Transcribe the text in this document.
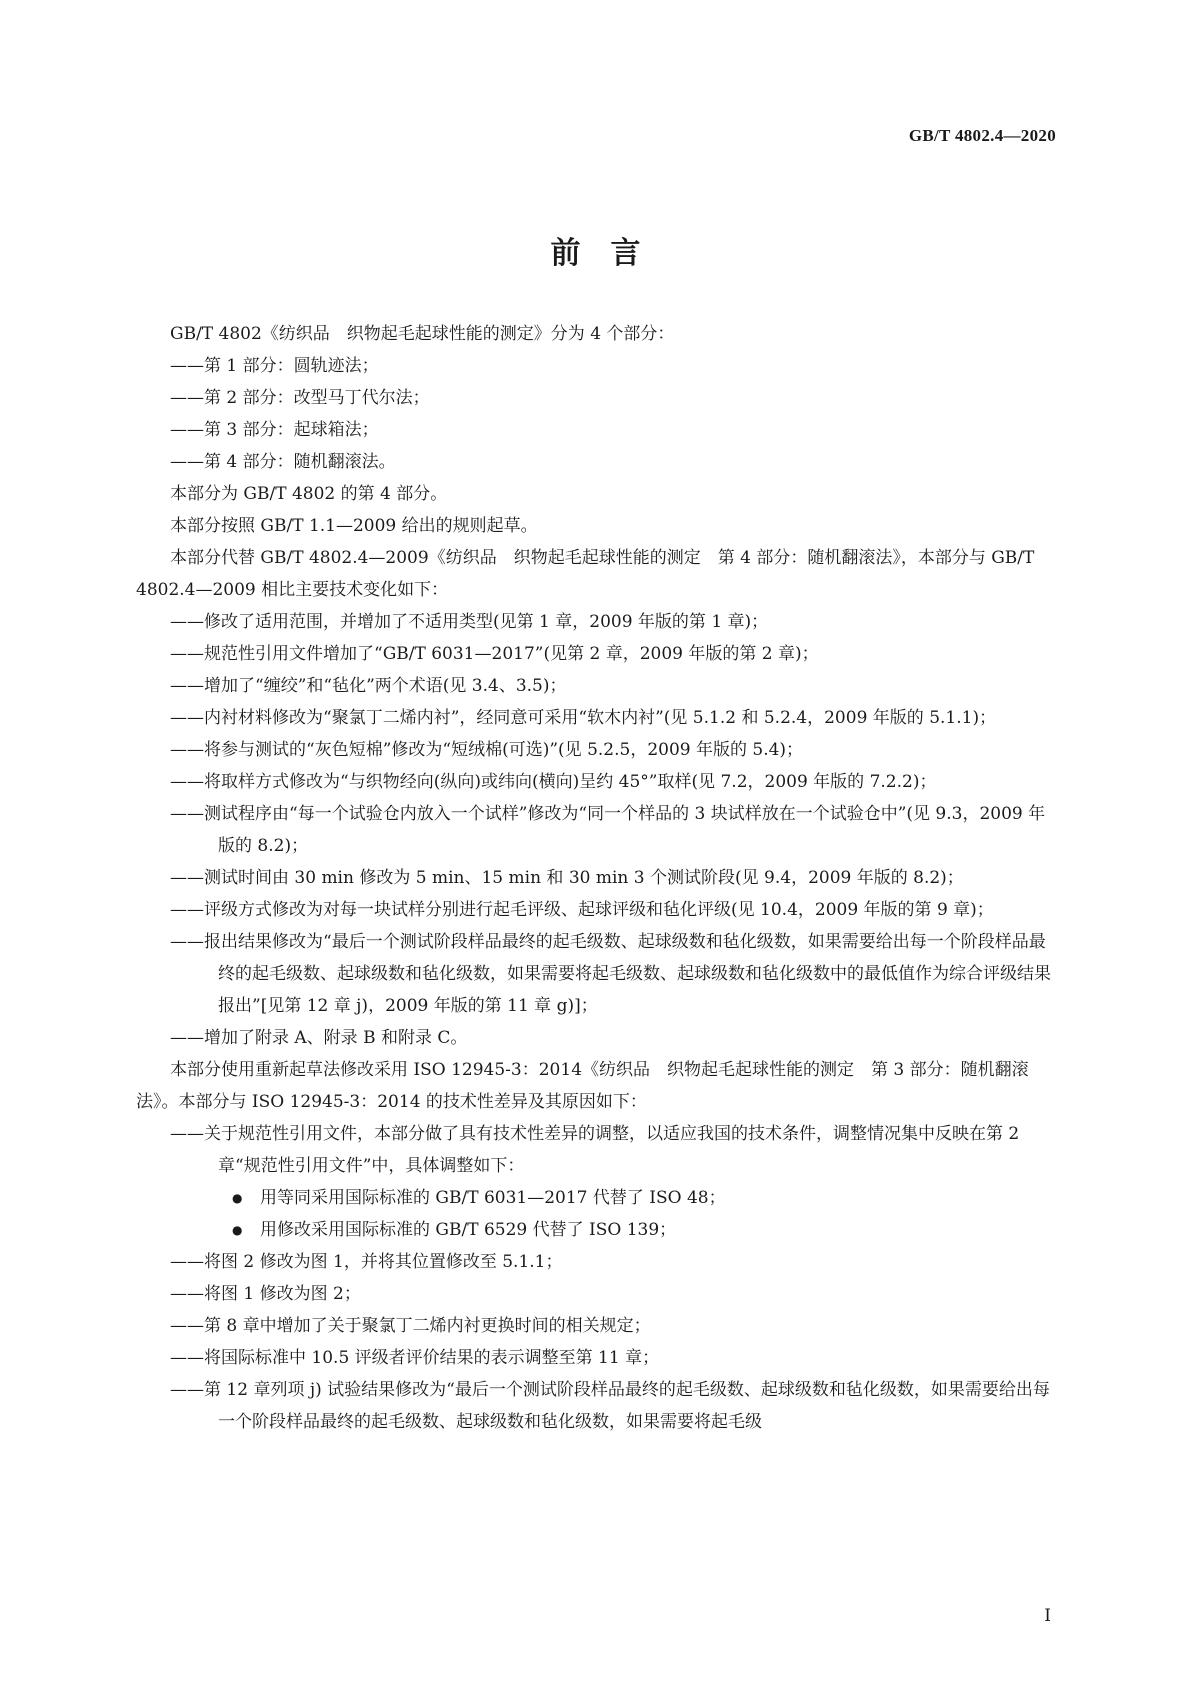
GB/T 4802.4—2020
前　言

GB/T 4802《纺织品　织物起毛起球性能的测定》分为 4 个部分：

——第 1 部分：圆轨迹法；

——第 2 部分：改型马丁代尔法；

——第 3 部分：起球箱法；

——第 4 部分：随机翻滚法。

本部分为 GB/T 4802 的第 4 部分。

本部分按照 GB/T 1.1—2009 给出的规则起草。

本部分代替 GB/T 4802.4—2009《纺织品　织物起毛起球性能的测定　第 4 部分：随机翻滚法》，本部分与 GB/T 4802.4—2009 相比主要技术变化如下：

——修改了适用范围，并增加了不适用类型(见第 1 章，2009 年版的第 1 章)；

——规范性引用文件增加了“GB/T 6031—2017”(见第 2 章，2009 年版的第 2 章)；

——增加了“缠绞”和“毡化”两个术语(见 3.4、3.5)；

——内衬材料修改为“聚氯丁二烯内衬”，经同意可采用“软木内衬”(见 5.1.2 和 5.2.4，2009 年版的 5.1.1)；

——将参与测试的“灰色短棉”修改为“短绒棉(可选)”(见 5.2.5，2009 年版的 5.4)；

——将取样方式修改为“与织物经向(纵向)或纬向(横向)呈约 45°”取样(见 7.2，2009 年版的 7.2.2)；

——测试程序由“每一个试验仓内放入一个试样”修改为“同一个样品的 3 块试样放在一个试验仓中”(见 9.3，2009 年版的 8.2)；

——测试时间由 30 min 修改为 5 min、15 min 和 30 min 3 个测试阶段(见 9.4，2009 年版的 8.2)；

——评级方式修改为对每一块试样分别进行起毛评级、起球评级和毡化评级(见 10.4，2009 年版的第 9 章)；

——报出结果修改为“最后一个测试阶段样品最终的起毛级数、起球级数和毡化级数，如果需要给出每一个阶段样品最终的起毛级数、起球级数和毡化级数，如果需要将起毛级数、起球级数和毡化级数中的最低值作为综合评级结果报出”[见第 12 章 j)，2009 年版的第 11 章 g)]；

——增加了附录 A、附录 B 和附录 C。

本部分使用重新起草法修改采用 ISO 12945-3：2014《纺织品　织物起毛起球性能的测定　第 3 部分：随机翻滚法》。本部分与 ISO 12945-3：2014 的技术性差异及其原因如下：

——关于规范性引用文件，本部分做了具有技术性差异的调整，以适应我国的技术条件，调整情况集中反映在第 2 章“规范性引用文件”中，具体调整如下：

● 用等同采用国际标准的 GB/T 6031—2017 代替了 ISO 48；

● 用修改采用国际标准的 GB/T 6529 代替了 ISO 139；

——将图 2 修改为图 1，并将其位置修改至 5.1.1；

——将图 1 修改为图 2；

——第 8 章中增加了关于聚氯丁二烯内衬更换时间的相关规定；

——将国际标准中 10.5 评级者评价结果的表示调整至第 11 章；

——第 12 章列项 j) 试验结果修改为“最后一个测试阶段样品最终的起毛级数、起球级数和毡化级数，如果需要给出每一个阶段样品最终的起毛级数、起球级数和毡化级数，如果需要将起毛级

I
